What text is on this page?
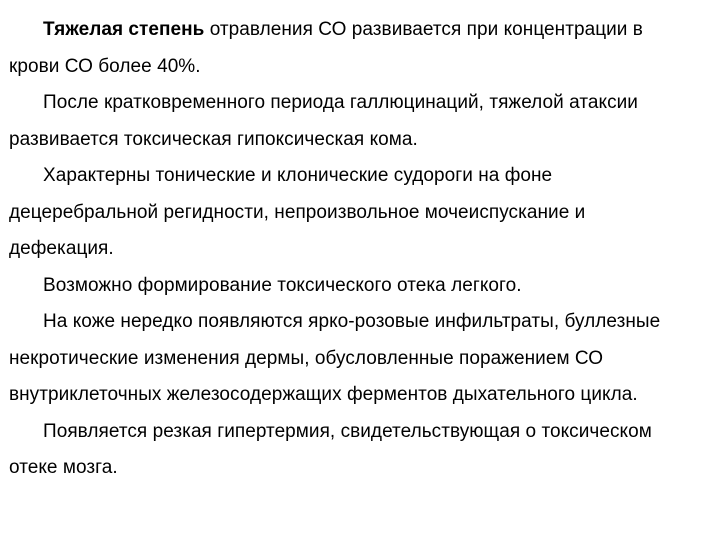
Тяжелая степень отравления СО развивается при концентрации в
крови СО более 40%.
После кратковременного периода галлюцинаций, тяжелой атаксии
развивается токсическая гипоксическая кома.
Характерны тонические и клонические судороги на фоне
децеребральной регидности, непроизвольное мочеиспускание и
дефекация.
Возможно формирование токсического отека легкого.
На коже нередко появляются ярко-розовые инфильтраты, буллезные
некротические изменения дермы, обусловленные поражением СО
внутриклеточных железосодержащих ферментов дыхательного цикла.
Появляется резкая гипертермия, свидетельствующая о токсическом
отеке мозга.
